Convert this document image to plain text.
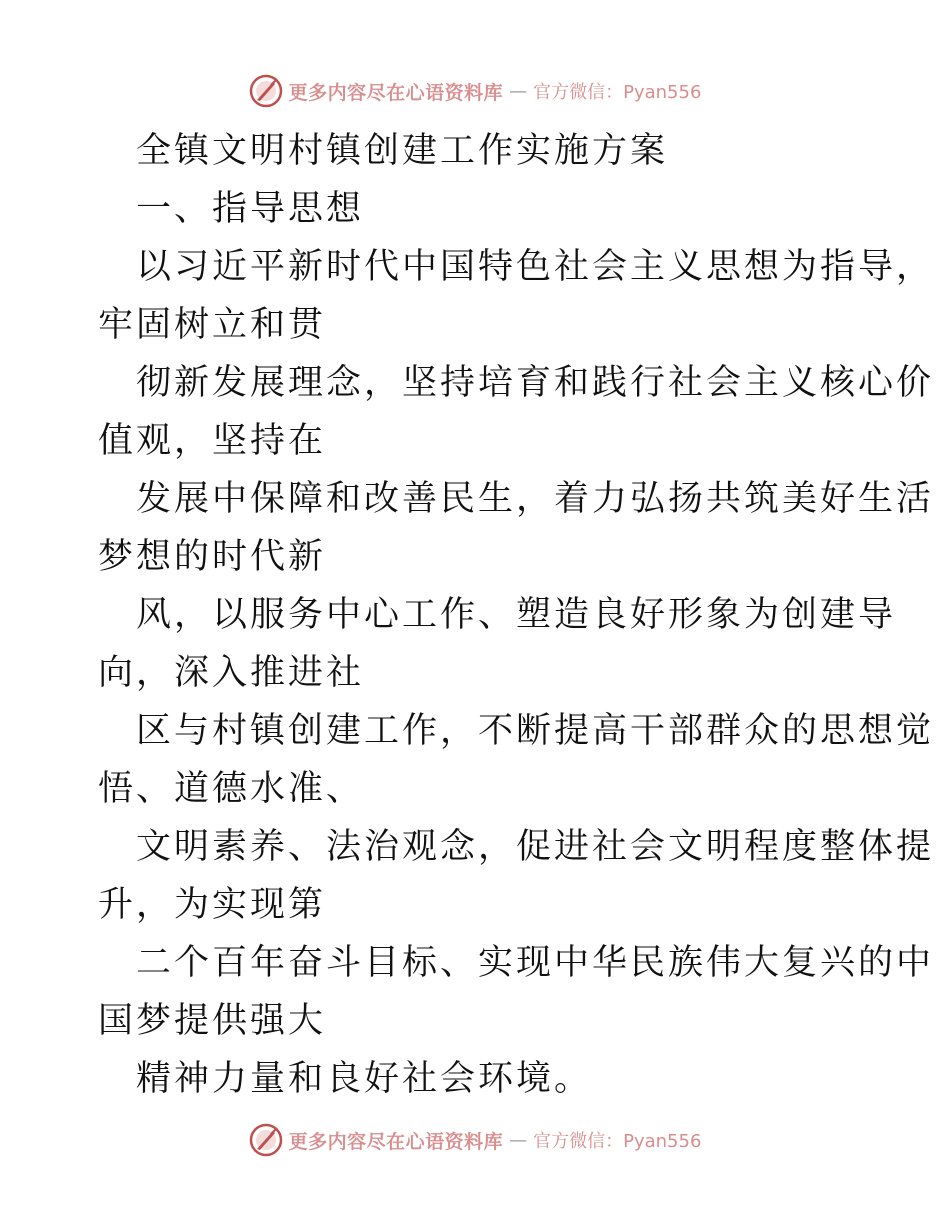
更多内容尽在心语资料库 — 官方微信：Pyan556
全镇文明村镇创建工作实施方案
一、指导思想
以习近平新时代中国特色社会主义思想为指导，
牢固树立和贯
彻新发展理念，坚持培育和践行社会主义核心价
值观，坚持在
发展中保障和改善民生，着力弘扬共筑美好生活
梦想的时代新
风，以服务中心工作、塑造良好形象为创建导
向，深入推进社
区与村镇创建工作，不断提高干部群众的思想觉
悟、道德水准、
文明素养、法治观念，促进社会文明程度整体提
升，为实现第
二个百年奋斗目标、实现中华民族伟大复兴的中
国梦提供强大
精神力量和良好社会环境。
更多内容尽在心语资料库 — 官方微信：Pyan556
